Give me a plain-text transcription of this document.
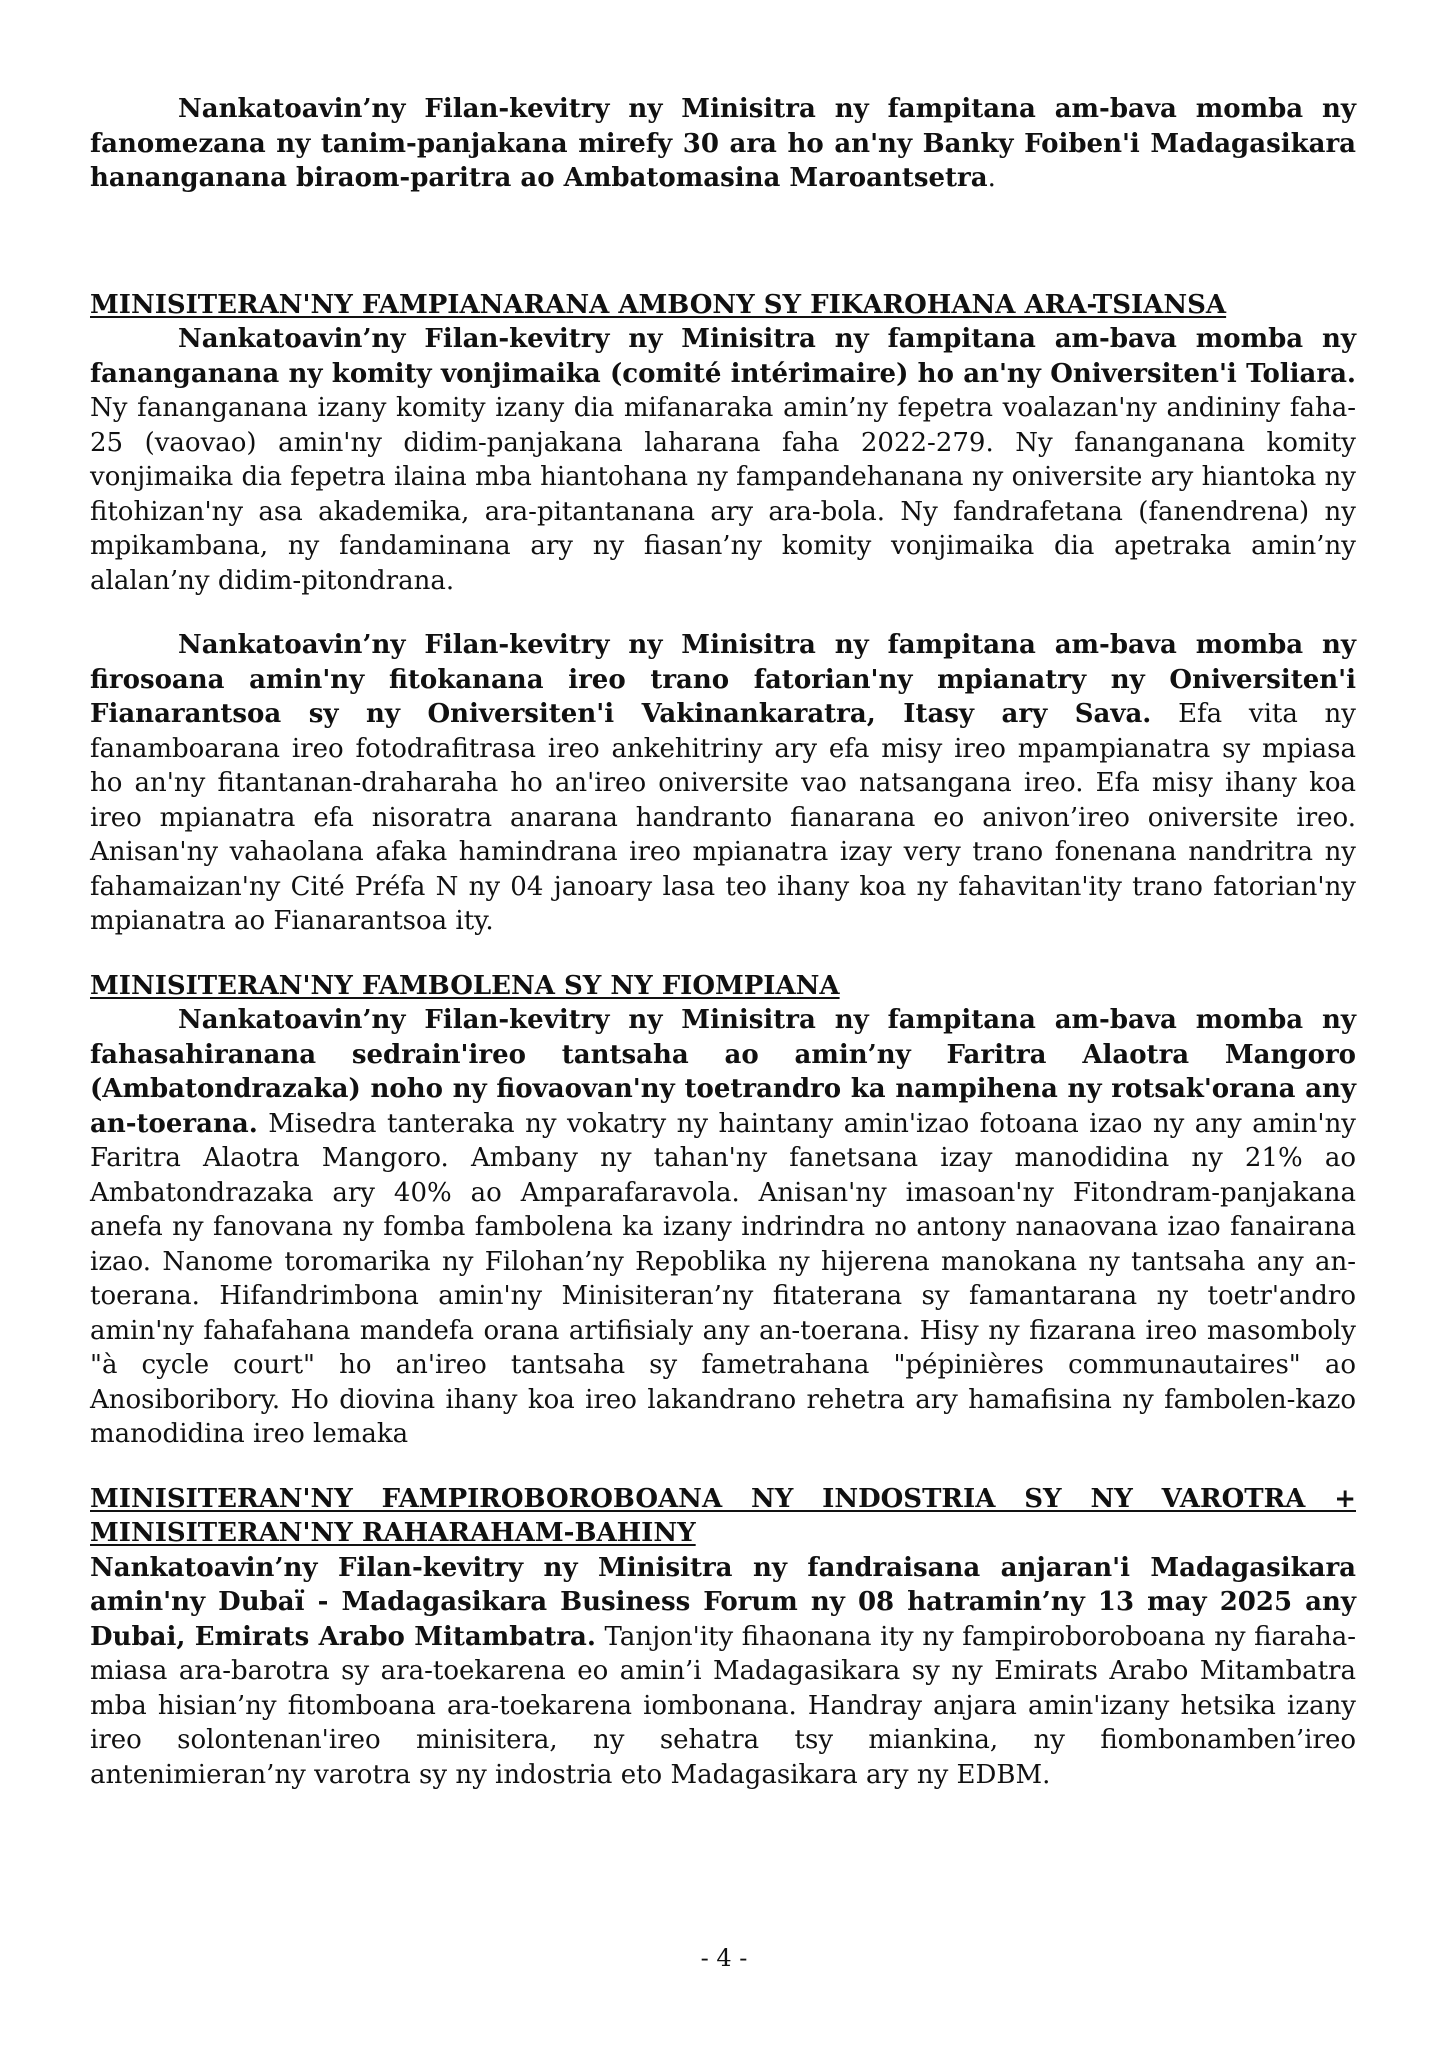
Nankatoavin’ny Filan-kevitry ny Minisitra ny fampitana am-bava momba ny fanomezana ny tanim-panjakana mirefy 30 ara ho an'ny Banky Foiben'i Madagasikara hananganana biraom-paritra ao Ambatomasina Maroantsetra.

MINISITERAN'NY FAMPIANARANA AMBONY SY FIKAROHANA ARA-TSIANSA

Nankatoavin’ny Filan-kevitry ny Minisitra ny fampitana am-bava momba ny fananganana ny komity vonjimaika (comité intérimaire) ho an'ny Oniversiten'i Toliara. Ny fananganana izany komity izany dia mifanaraka amin’ny fepetra voalazan'ny andininy faha-25 (vaovao) amin'ny didim-panjakana laharana faha 2022-279. Ny fananganana komity vonjimaika dia fepetra ilaina mba hiantohana ny fampandehanana ny oniversite ary hiantoka ny fitohizan'ny asa akademika, ara-pitantanana ary ara-bola. Ny fandrafetana (fanendrena) ny mpikambana, ny fandaminana ary ny fiasan’ny komity vonjimaika dia apetraka amin’ny alalan’ny didim-pitondrana.

Nankatoavin’ny Filan-kevitry ny Minisitra ny fampitana am-bava momba ny firosoana amin'ny fitokanana ireo trano fatorian'ny mpianatry ny Oniversiten'i Fianarantsoa sy ny Oniversiten'i Vakinankaratra, Itasy ary Sava. Efa vita ny fanamboarana ireo fotodrafitrasa ireo ankehitriny ary efa misy ireo mpampianatra sy mpiasa ho an'ny fitantanan-draharaha ho an'ireo oniversite vao natsangana ireo. Efa misy ihany koa ireo mpianatra efa nisoratra anarana handranto fianarana eo anivon’ireo oniversite ireo. Anisan'ny vahaolana afaka hamindrana ireo mpianatra izay very trano fonenana nandritra ny fahamaizan'ny Cité Préfa N ny 04 janoary lasa teo ihany koa ny fahavitan'ity trano fatorian'ny mpianatra ao Fianarantsoa ity.

MINISITERAN'NY FAMBOLENA SY NY FIOMPIANA

Nankatoavin’ny Filan-kevitry ny Minisitra ny fampitana am-bava momba ny fahasahiranana sedrain'ireo tantsaha ao amin’ny Faritra Alaotra Mangoro (Ambatondrazaka) noho ny fiovaovan'ny toetrandro ka nampihena ny rotsak'orana any an-toerana. Misedra tanteraka ny vokatry ny haintany amin'izao fotoana izao ny any amin'ny Faritra Alaotra Mangoro. Ambany ny tahan'ny fanetsana izay manodidina ny 21% ao Ambatondrazaka ary 40% ao Amparafaravola. Anisan'ny imasoan'ny Fitondram-panjakana anefa ny fanovana ny fomba fambolena ka izany indrindra no antony nanaovana izao fanairana izao. Nanome toromarika ny Filohan’ny Repoblika ny hijerena manokana ny tantsaha any an-toerana. Hifandrimbona amin'ny Minisiteran’ny fitaterana sy famantarana ny toetr'andro amin'ny fahafahana mandefa orana artifisialy any an-toerana. Hisy ny fizarana ireo masomboly "à cycle court" ho an'ireo tantsaha sy fametrahana "pépinières communautaires" ao Anosiboribory. Ho diovina ihany koa ireo lakandrano rehetra ary hamafisina ny fambolen-kazo manodidina ireo lemaka

MINISITERAN'NY FAMPIROBOROBOANA NY INDOSTRIA SY NY VAROTRA + MINISITERAN'NY RAHARAHAM-BAHINY

Nankatoavin’ny Filan-kevitry ny Minisitra ny fandraisana anjaran'i Madagasikara amin'ny Dubaï - Madagasikara Business Forum ny 08 hatramin’ny 13 may 2025 any Dubai, Emirats Arabo Mitambatra. Tanjon'ity fihaonana ity ny fampiroboroboana ny fiaraha-miasa ara-barotra sy ara-toekarena eo amin’i Madagasikara sy ny Emirats Arabo Mitambatra mba hisian’ny fitomboana ara-toekarena iombonana. Handray anjara amin'izany hetsika izany ireo solontenan'ireo minisitera, ny sehatra tsy miankina, ny fiombonamben’ireo antenimieran’ny varotra sy ny indostria eto Madagasikara ary ny EDBM.

- 4 -
